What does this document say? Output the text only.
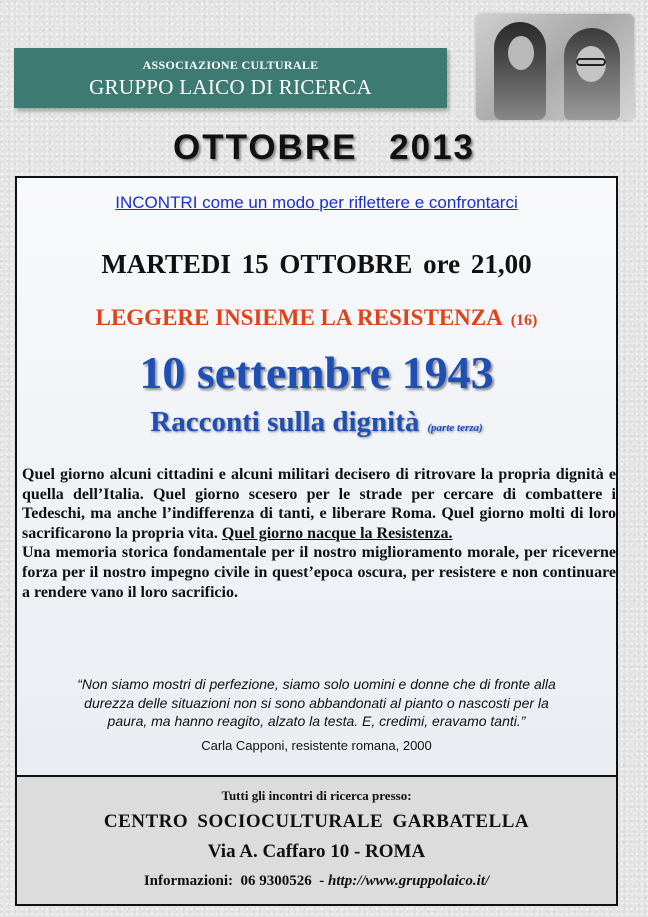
ASSOCIAZIONE CULTURALE
GRUPPO LAICO DI RICERCA
OTTOBRE 2013
INCONTRI come un modo per riflettere e confrontarci
MARTEDI 15 OTTOBRE ore 21,00
LEGGERE INSIEME LA RESISTENZA (16)
10 settembre 1943
Racconti sulla dignità (parte terza)

Quel giorno alcuni cittadini e alcuni militari decisero di ritrovare la propria dignità e quella dell’Italia. Quel giorno scesero per le strade per cercare di combattere i Tedeschi, ma anche l’indifferenza di tanti, e liberare Roma. Quel giorno molti di loro sacrificarono la propria vita. Quel giorno nacque la Resistenza.

Una memoria storica fondamentale per il nostro miglioramento morale, per riceverne forza per il nostro impegno civile in quest’epoca oscura, per resistere e non continuare a rendere vano il loro sacrificio.

“Non siamo mostri di perfezione, siamo solo uomini e donne che di fronte alla
durezza delle situazioni non si sono abbandonati al pianto o nascosti per la
paura, ma hanno reagito, alzato la testa. E, credimi, eravamo tanti.”
Carla Capponi, resistente romana, 2000
Tutti gli incontri di ricerca presso:
CENTRO SOCIOCULTURALE GARBATELLA
Via A. Caffaro 10 - ROMA
Informazioni: 06 9300526 - http://www.gruppolaico.it/
